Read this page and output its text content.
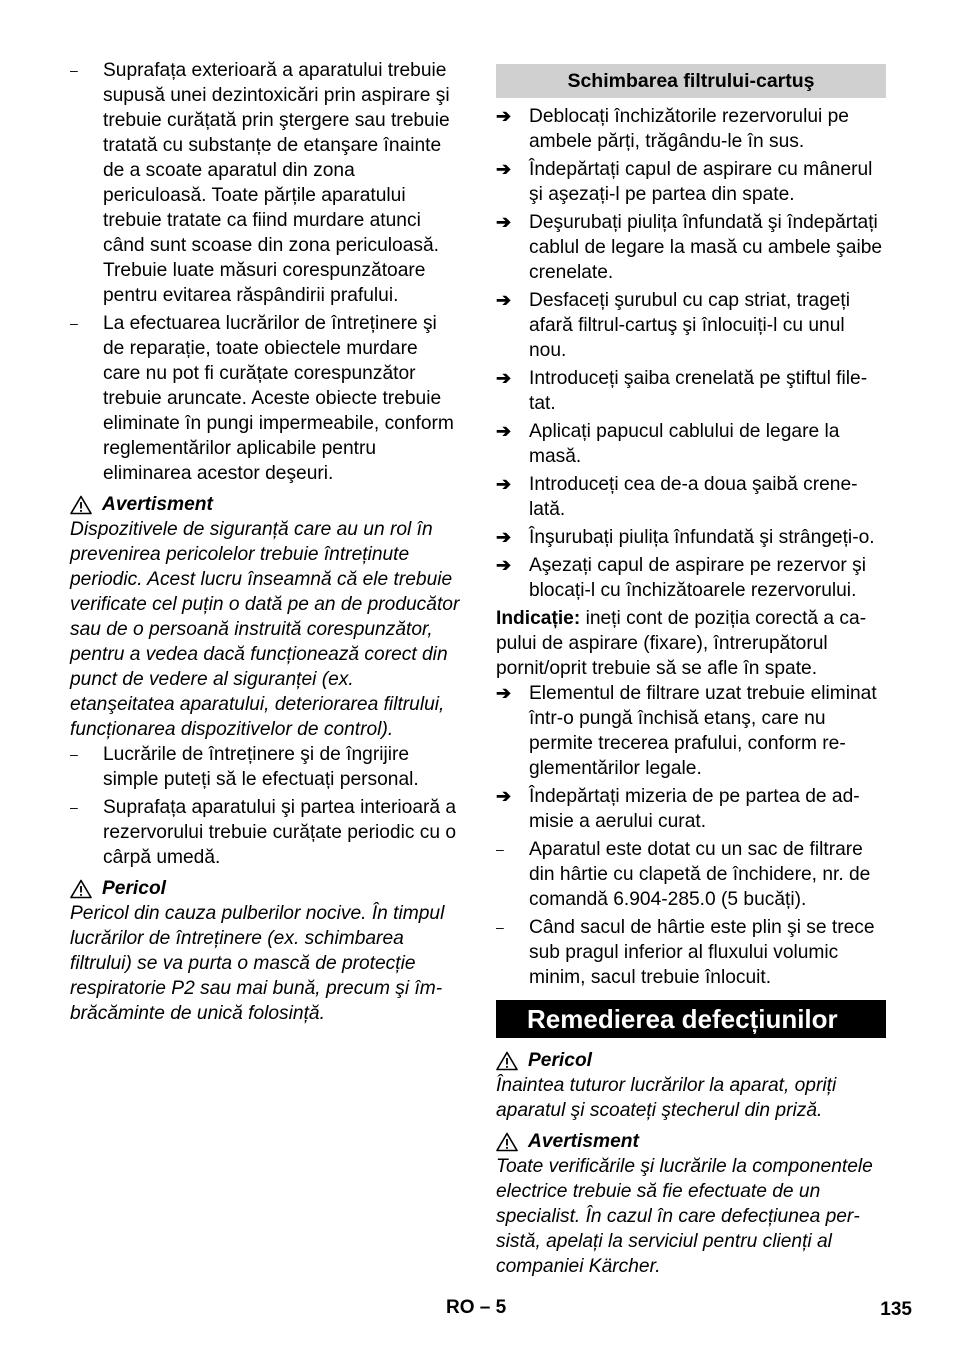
–	Suprafața exterioară a aparatului trebuie supusă unei dezintoxicări prin aspirare şi trebuie curățată prin ştergere sau trebuie tratată cu substanțe de etanşare înainte de a scoate aparatul din zona periculoasă. Toate părțile aparatului trebuie tratate ca fiind murdare atunci când sunt scoase din zona periculoasă. Trebuie luate măsuri corespunzătoare pentru evitarea răspândirii prafului.
–	La efectuarea lucrărilor de întreținere şi de reparație, toate obiectele murdare care nu pot fi curățate corespunzător trebuie aruncate. Aceste obiecte trebuie eliminate în pungi impermeabile, conform reglementărilor aplicabile pentru eliminarea acestor deşeuri.
Avertisment

Dispozitivele de siguranță care au un rol în prevenirea pericolelor trebuie întreținute periodic. Acest lucru înseamnă că ele trebuie verificate cel puțin o dată pe an de producător sau de o persoană instruită corespunzător, pentru a vedea dacă funcționează corect din punct de vedere al siguranței (ex. etanşeitatea aparatului, deteriorarea filtrului, funcționarea dispozitivelor de control).

–	Lucrările de întreținere şi de îngrijire simple puteți să le efectuați personal.
–	Suprafața aparatului şi partea interioară a rezervorului trebuie curățate periodic cu o cârpă umedă.
Pericol

Pericol din cauza pulberilor nocive. În timpul lucrărilor de întreținere (ex. schimbarea filtrului) se va purta o mască de protecție respiratorie P2 sau mai bună, precum şi îmbrăcăminte de unică folosință.

Schimbarea filtrului-cartuş
➔ Deblocați închizătorile rezervorului pe ambele părți, trăgându-le în sus.
➔ Îndepărtați capul de aspirare cu mânerul şi aşezați-l pe partea din spate.
➔ Deşurubați piulița înfundată şi îndepărtați cablul de legare la masă cu ambele şaibe crenelate.
➔ Desfaceți şurubul cu cap striat, trageți afară filtrul-cartuş şi înlocuiți-l cu unul nou.
➔ Introduceți şaiba crenelată pe ştiftul filetat.
➔ Aplicați papucul cablului de legare la masă.
➔ Introduceți cea de-a doua şaibă crenelată.
➔ Înşurubați piulița înfundată şi strângeți-o.
➔ Aşezați capul de aspirare pe rezervor şi blocați-l cu închizătoarele rezervorului.

Indicație: ineți cont de poziția corectă a capului de aspirare (fixare), întrerupătorul pornit/oprit trebuie să se afle în spate.

➔ Elementul de filtrare uzat trebuie eliminat într-o pungă închisă etanş, care nu permite trecerea prafului, conform reglementărilor legale.
➔ Îndepărtați mizeria de pe partea de admisie a aerului curat.
–	Aparatul este dotat cu un sac de filtrare din hârtie cu clapetă de închidere, nr. de comandă 6.904-285.0 (5 bucăți).
–	Când sacul de hârtie este plin şi se trece sub pragul inferior al fluxului volumic minim, sacul trebuie înlocuit.
Remedierea defecțiunilor
Pericol

Înaintea tuturor lucrărilor la aparat, opriți aparatul şi scoateți ştecherul din priză.

Avertisment

Toate verificările şi lucrările la componentele electrice trebuie să fie efectuate de un specialist. În cazul în care defecțiunea persistă, apelați la serviciul pentru clienți al companiei Kärcher.

RO – 5	135
